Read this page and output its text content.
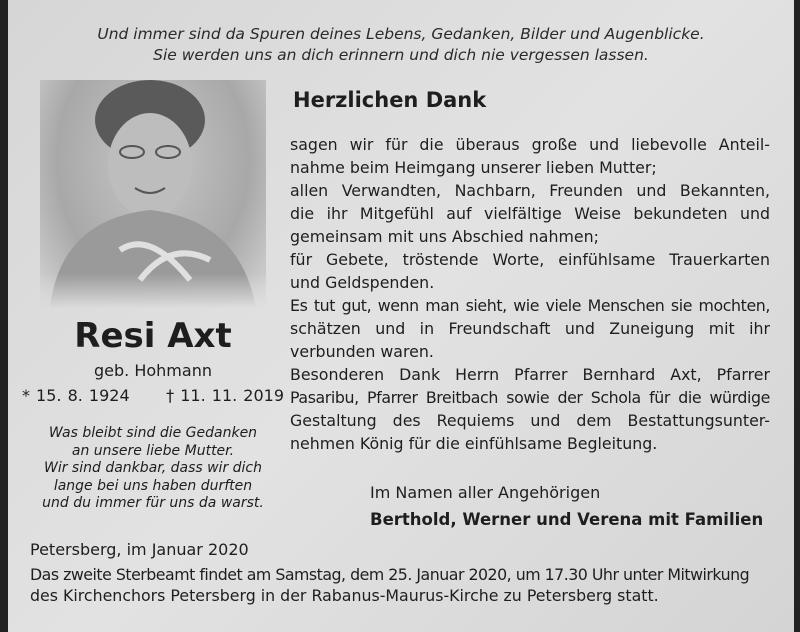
Und immer sind da Spuren deines Lebens, Gedanken, Bilder und Augenblicke.
Sie werden uns an dich erinnern und dich nie vergessen lassen.
Resi Axt
geb. Hohmann
* 15. 8. 1924 † 11. 11. 2019
Was bleibt sind die Gedanken
an unsere liebe Mutter.
Wir sind dankbar, dass wir dich
lange bei uns haben durften
und du immer für uns da warst.
Herzlichen Dank
sagen wir für die überaus große und liebevolle Anteil-
nahme beim Heimgang unserer lieben Mutter;
allen Verwandten, Nachbarn, Freunden und Bekannten,
die ihr Mitgefühl auf vielfältige Weise bekundeten und
gemeinsam mit uns Abschied nahmen;
für Gebete, tröstende Worte, einfühlsame Trauerkarten
und Geldspenden.
Es tut gut, wenn man sieht, wie viele Menschen sie mochten,
schätzen und in Freundschaft und Zuneigung mit ihr
verbunden waren.
Besonderen Dank Herrn Pfarrer Bernhard Axt, Pfarrer
Pasaribu, Pfarrer Breitbach sowie der Schola für die würdige
Gestaltung des Requiems und dem Bestattungsunter-
nehmen König für die einfühlsame Begleitung.
Im Namen aller Angehörigen
Berthold, Werner und Verena mit Familien
Petersberg, im Januar 2020
Das zweite Sterbeamt findet am Samstag, dem 25. Januar 2020, um 17.30 Uhr unter Mitwirkung
des Kirchenchors Petersberg in der Rabanus-Maurus-Kirche zu Petersberg statt.
